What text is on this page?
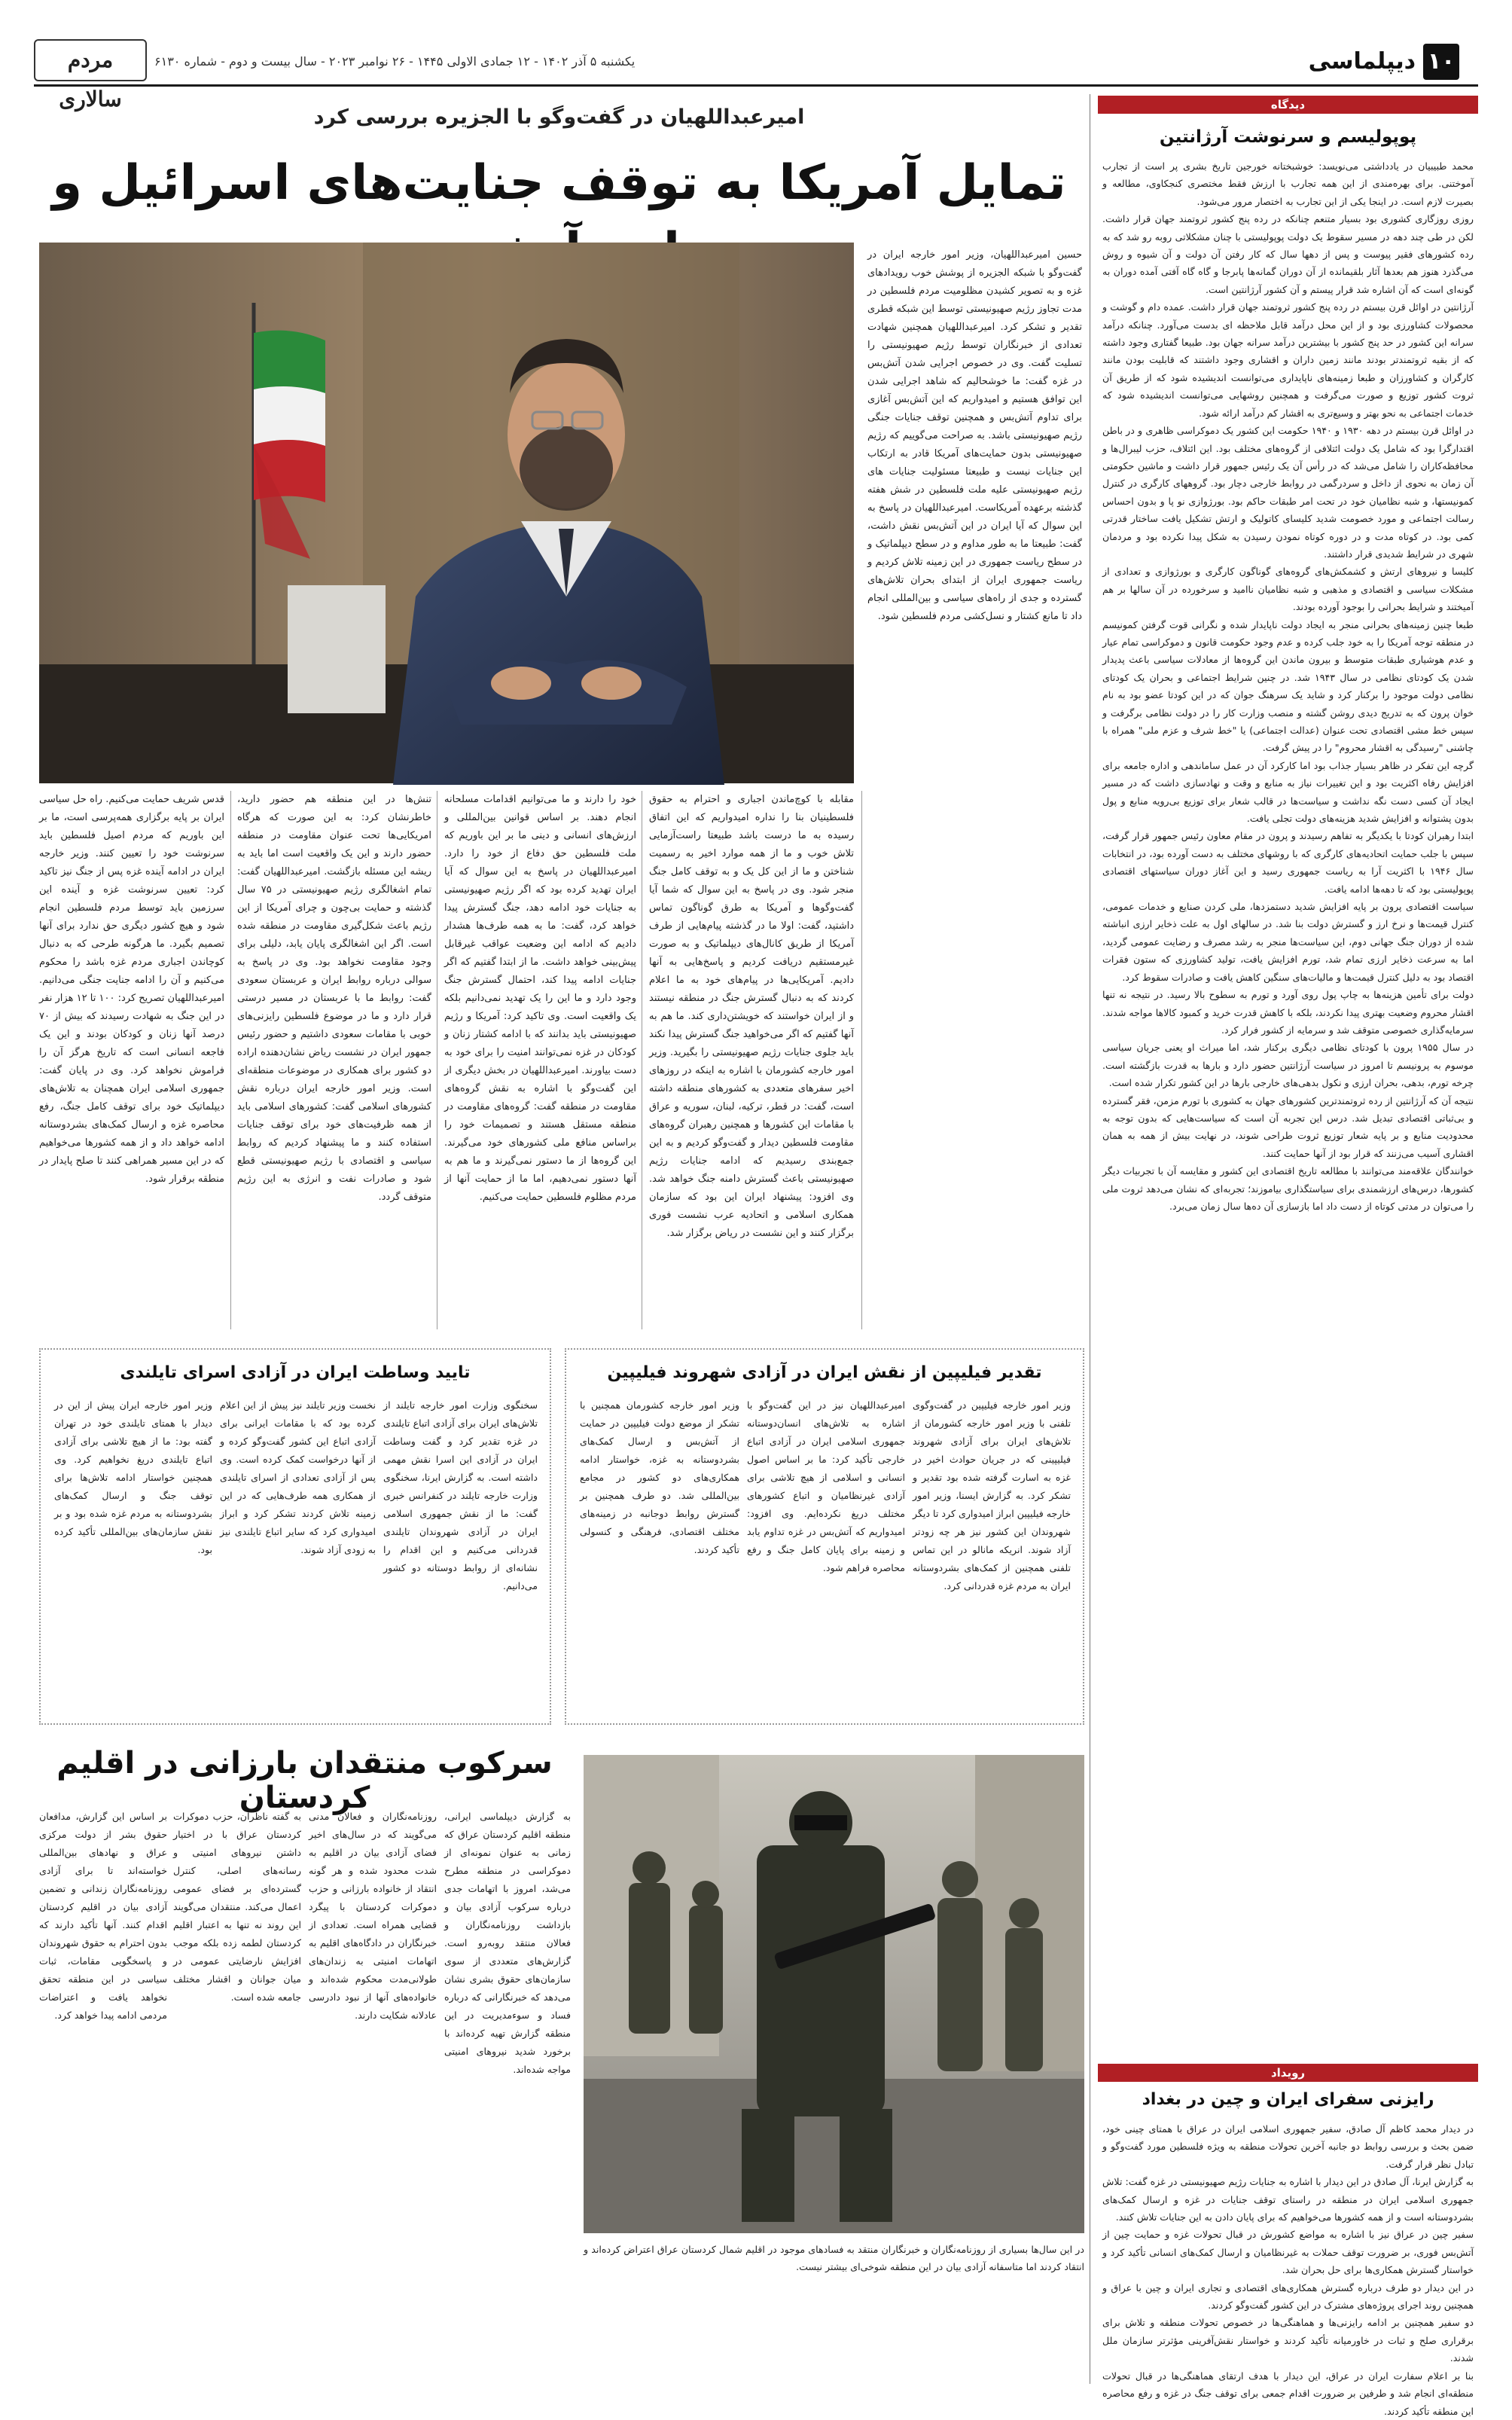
۱۰
دیپلماسی
یکشنبه ۵ آذر ۱۴۰۲ - ۱۲ جمادی الاولی ۱۴۴۵ - ۲۶ نوامبر ۲۰۲۳ - سال بیست و دوم - شماره ۶۱۳۰
مردم سالاری	دیدگاه
پوپولیسم و سرنوشت آرژانتین

محمد طبیبیان در یادداشتی می‌نویسد: خوشبختانه خورجین تاریخ بشری پر است از تجارب آموختنی. برای بهره‌مندی از این همه تجارب با ارزش فقط مختصری کنجکاوی، مطالعه و بصیرت لازم است. در اینجا یکی از این تجارب به اختصار مرور می‌شود.

روزی روزگاری کشوری بود بسیار متنعم چنانکه در رده پنج کشور ثروتمند جهان قرار داشت. لکن در طی چند دهه در مسیر سقوط یک دولت پوپولیستی با چنان مشکلاتی روبه رو شد که به رده کشورهای فقیر پیوست و پس از دهها سال که کار رفتن آن دولت و آن شیوه و روش می‌گذرد هنوز هم بعدها آثار بلقیمانده از آن دوران گمانه‌ها پابرجا و گاه گاه آفتی آمده دوران به گونه‌ای است که آن اشاره شد قرار پیستم و آن کشور آرژانتین است.

آرژانتین در اوائل قرن بیستم در رده پنج کشور ثروتمند جهان قرار داشت. عمده دام و گوشت و محصولات کشاورزی بود و از این محل درآمد قابل ملاحظه ای بدست می‌آورد. چنانکه درآمد سرانه این کشور در حد پنج کشور با بیشترین درآمد سرانه جهان بود. طبیعا گفتاری وجود داشته که از بقیه ثروتمندتر بودند مانند زمین داران و اقشاری وجود داشتند که قابلیت بودن مانند کارگران و کشاورزان و طبعا زمینه‌های ناپایداری می‌توانست اندیشیده شود که از طریق آن ثروت کشور توزیع و صورت می‌گرفت و همچنین روشهایی می‌توانست اندیشیده شود که خدمات اجتماعی به نحو بهتر و وسیع‌تری به اقشار کم درآمد ارائه شود.

در اوائل قرن بیستم در دهه ۱۹۳۰ و ۱۹۴۰ حکومت این کشور یک دموکراسی ظاهری و در باطن اقتدارگرا بود که شامل یک دولت ائتلافی از گروه‌های مختلف بود. این ائتلاف، حزب لیبرال‌ها و محافظه‌کاران را شامل می‌شد که در رأس آن یک رئیس جمهور قرار داشت و ماشین حکومتی آن زمان به نحوی از داخل و سردرگمی در روابط خارجی دچار بود. گروههای کارگری در کنترل کمونیستها، و شبه نظامیان خود در تحت امر طبقات حاکم بود. بورژوازی نو پا و بدون احساس رسالت اجتماعی و مورد خصومت شدید کلیسای کاتولیک و ارتش تشکیل یافت ساختار قدرتی کمی بود. در کوتاه مدت و در دوره کوتاه نمودن رسیدن به شکل پیدا نکرده بود و مردمان شهری در شرایط شدیدی قرار داشتند.

کلیسا و نیروهای ارتش و کشمکش‌های گروه‌های گوناگون کارگری و بورژوازی و تعدادی از مشکلات سیاسی و اقتصادی و مذهبی و شبه نظامیان ناامید و سرخورده در آن سالها بر هم آمیختند و شرایط بحرانی را بوجود آورده بودند.

طبعا چنین زمینه‌های بحرانی منجر به ایجاد دولت ناپایدار شده و نگرانی قوت گرفتن کمونیسم در منطقه توجه آمریکا را به خود جلب کرده و عدم وجود حکومت قانون و دموکراسی تمام عیار و عدم هوشیاری طبقات متوسط و بیرون ماندن این گروه‌ها از معادلات سیاسی باعث پدیدار شدن یک کودتای نظامی در سال ۱۹۴۳ شد. در چنین شرایط اجتماعی و بحران یک کودتای نظامی دولت موجود را برکنار کرد و شاید یک سرهنگ جوان که در این کودتا عضو بود به نام خوان پرون که به تدریج دیدی روشن گشته و منصب وزارت کار را در دولت نظامی برگرفت و سپس خط مشی اقتصادی تحت عنوان (عدالت اجتماعی) یا "خط شرف و عزم ملی" همراه با چاشنی "رسیدگی به اقشار محروم" را در پیش گرفت.

گرچه این تفکر در ظاهر بسیار جذاب بود اما کارکرد آن در عمل ساماندهی و اداره جامعه برای افزایش رفاه اکثریت بود و این تغییرات نیاز به منابع و وقت و نهادسازی داشت که در مسیر ایجاد آن کسی دست نگه نداشت و سیاست‌ها در قالب شعار برای توزیع بی‌رویه منابع و پول بدون پشتوانه و افزایش شدید هزینه‌های دولت تجلی یافت.

ابتدا رهبران کودتا با یکدیگر به تفاهم رسیدند و پرون در مقام معاون رئیس جمهور قرار گرفت، سپس با جلب حمایت اتحادیه‌های کارگری که با روشهای مختلف به دست آورده بود، در انتخابات سال ۱۹۴۶ با اکثریت آرا به ریاست جمهوری رسید و این آغاز دوران سیاستهای اقتصادی پوپولیستی بود که تا دهه‌ها ادامه یافت.

سیاست اقتصادی پرون بر پایه افزایش شدید دستمزدها، ملی کردن صنایع و خدمات عمومی، کنترل قیمت‌ها و نرخ ارز و گسترش دولت بنا شد. در سالهای اول به علت ذخایر ارزی انباشته شده از دوران جنگ جهانی دوم، این سیاست‌ها منجر به رشد مصرف و رضایت عمومی گردید، اما به سرعت ذخایر ارزی تمام شد، تورم افزایش یافت، تولید کشاورزی که ستون فقرات اقتصاد بود به دلیل کنترل قیمت‌ها و مالیات‌های سنگین کاهش یافت و صادرات سقوط کرد.

دولت برای تأمین هزینه‌ها به چاپ پول روی آورد و تورم به سطوح بالا رسید. در نتیجه نه تنها اقشار محروم وضعیت بهتری پیدا نکردند، بلکه با کاهش قدرت خرید و کمبود کالاها مواجه شدند. سرمایه‌گذاری خصوصی متوقف شد و سرمایه از کشور فرار کرد.

در سال ۱۹۵۵ پرون با کودتای نظامی دیگری برکنار شد، اما میراث او یعنی جریان سیاسی موسوم به پرونیسم تا امروز در سیاست آرژانتین حضور دارد و بارها به قدرت بازگشته است. چرخه تورم، بدهی، بحران ارزی و نکول بدهی‌های خارجی بارها در این کشور تکرار شده است.

نتیجه آن که آرژانتین از رده ثروتمندترین کشورهای جهان به کشوری با تورم مزمن، فقر گسترده و بی‌ثباتی اقتصادی تبدیل شد. درس این تجربه آن است که سیاست‌هایی که بدون توجه به محدودیت منابع و بر پایه شعار توزیع ثروت طراحی شوند، در نهایت بیش از همه به همان اقشاری آسیب می‌زنند که قرار بود از آنها حمایت کنند.

خوانندگان علاقه‌مند می‌توانند با مطالعه تاریخ اقتصادی این کشور و مقایسه آن با تجربیات دیگر کشورها، درس‌های ارزشمندی برای سیاستگذاری بیاموزند؛ تجربه‌ای که نشان می‌دهد ثروت ملی را می‌توان در مدتی کوتاه از دست داد اما بازسازی آن ده‌ها سال زمان می‌برد.

رویداد
رایزنی سفرای ایران و چین در بغداد

در دیدار محمد کاظم آل صادق، سفیر جمهوری اسلامی ایران در عراق با همتای چینی خود، ضمن بحث و بررسی روابط دو جانبه آخرین تحولات منطقه به ویژه فلسطین مورد گفت‌وگو و تبادل نظر قرار گرفت.

به گزارش ایرنا، آل صادق در این دیدار با اشاره به جنایات رژیم صهیونیستی در غزه گفت: تلاش جمهوری اسلامی ایران در منطقه در راستای توقف جنایات در غزه و ارسال کمک‌های بشردوستانه است و از همه کشورها می‌خواهیم که برای پایان دادن به این جنایات تلاش کنند.

سفیر چین در عراق نیز با اشاره به مواضع کشورش در قبال تحولات غزه و حمایت چین از آتش‌بس فوری، بر ضرورت توقف حملات به غیرنظامیان و ارسال کمک‌های انسانی تأکید کرد و خواستار گسترش همکاری‌ها برای حل بحران شد.

در این دیدار دو طرف درباره گسترش همکاری‌های اقتصادی و تجاری ایران و چین با عراق و همچنین روند اجرای پروژه‌های مشترک در این کشور گفت‌وگو کردند.

دو سفیر همچنین بر ادامه رایزنی‌ها و هماهنگی‌ها در خصوص تحولات منطقه و تلاش برای برقراری صلح و ثبات در خاورمیانه تأکید کردند و خواستار نقش‌آفرینی مؤثرتر سازمان ملل شدند.

بنا بر اعلام سفارت ایران در عراق، این دیدار با هدف ارتقای هماهنگی‌ها در قبال تحولات منطقه‌ای انجام شد و طرفین بر ضرورت اقدام جمعی برای توقف جنگ در غزه و رفع محاصره این منطقه تأکید کردند.

امیرعبداللهیان در گفت‌وگو با الجزیره بررسی کرد
تمایل آمریکا به توقف جنایت‌های اسرائیل و

حسین امیرعبداللهیان، وزیر امور خارجه ایران در گفت‌وگو با شبکه الجزیره از پوشش خوب رویدادهای غزه و به تصویر کشیدن مظلومیت مردم فلسطین در مدت تجاوز رژیم صهیونیستی توسط این شبکه قطری تقدیر و تشکر کرد. امیرعبداللهیان همچنین شهادت تعدادی از خبرنگاران توسط رژیم صهیونیستی را تسلیت گفت. وی در خصوص اجرایی شدن آتش‌بس در غزه گفت: ما خوشحالیم که شاهد اجرایی شدن این توافق هستیم و امیدواریم که این آتش‌بس آغازی برای تداوم آتش‌بس و همچنین توقف جنایات جنگی رژیم صهیونیستی باشد. به صراحت می‌گوییم که رژیم صهیونیستی بدون حمایت‌های آمریکا قادر به ارتکاب این جنایات نیست و طبیعتا مسئولیت جنایات های رژیم صهیونیستی علیه ملت فلسطین در شش هفته گذشته برعهده آمریکاست. امیرعبداللهیان در پاسخ به این سوال که آیا ایران در این آتش‌بس نقش داشت، گفت: طبیعتا ما به طور مداوم و در سطح دیپلماتیک و در سطح ریاست جمهوری در این زمینه تلاش کردیم و ریاست جمهوری ایران از ابتدای بحران تلاش‌های گسترده و جدی از راه‌های سیاسی و بین‌المللی انجام داد تا مانع کشتار و نسل‌کشی مردم فلسطین شود.

مقابله با کوچ‌ماندن اجباری و احترام به حقوق فلسطینیان بنا را نداره امیدواریم که این اتفاق رسیده به ما درست باشد طبیعتا راست‌آزمایی تلاش خوب و ما از همه موارد اخیر به رسمیت شناختن و ما از این کل یک و به توقف کامل جنگ منجر شود. وی در پاسخ به این سوال که شما آیا گفت‌وگوها و آمریکا به طرق گوناگون تماس داشتید، گفت: اولا ما در گذشته پیام‌هایی از طرف آمریکا از طریق کانال‌های دیپلماتیک و به صورت غیرمستقیم دریافت کردیم و پاسخ‌هایی به آنها دادیم. آمریکایی‌ها در پیام‌های خود به ما اعلام کردند که به دنبال گسترش جنگ در منطقه نیستند و از ایران خواستند که خویشتن‌داری کند. ما هم به آنها گفتیم که اگر می‌خواهید جنگ گسترش پیدا نکند باید جلوی جنایات رژیم صهیونیستی را بگیرید. وزیر امور خارجه کشورمان با اشاره به اینکه در روزهای اخیر سفرهای متعددی به کشورهای منطقه داشته است، گفت: در قطر، ترکیه، لبنان، سوریه و عراق با مقامات این کشورها و همچنین رهبران گروه‌های مقاومت فلسطین دیدار و گفت‌وگو کردیم و به این جمع‌بندی رسیدیم که ادامه جنایات رژیم صهیونیستی باعث گسترش دامنه جنگ خواهد شد. وی افزود: پیشنهاد ایران این بود که سازمان همکاری اسلامی و اتحادیه عرب نشست فوری برگزار کنند و این نشست در ریاض برگزار شد.

خود را دارند و ما می‌توانیم اقدامات مسلحانه انجام دهند. بر اساس قوانین بین‌المللی و ارزش‌های انسانی و دینی ما بر این باوریم که ملت فلسطین حق دفاع از خود را دارد. امیرعبداللهیان در پاسخ به این سوال که آیا ایران تهدید کرده بود که اگر رژیم صهیونیستی به جنایات خود ادامه دهد، جنگ گسترش پیدا خواهد کرد، گفت: ما به همه طرف‌ها هشدار دادیم که ادامه این وضعیت عواقب غیرقابل پیش‌بینی خواهد داشت. ما از ابتدا گفتیم که اگر جنایات ادامه پیدا کند، احتمال گسترش جنگ وجود دارد و ما این را یک تهدید نمی‌دانیم بلکه یک واقعیت است. وی تاکید کرد: آمریکا و رژیم صهیونیستی باید بدانند که با ادامه کشتار زنان و کودکان در غزه نمی‌توانند امنیت را برای خود به دست بیاورند. امیرعبداللهیان در بخش دیگری از این گفت‌وگو با اشاره به نقش گروه‌های مقاومت در منطقه گفت: گروه‌های مقاومت در منطقه مستقل هستند و تصمیمات خود را براساس منافع ملی کشورهای خود می‌گیرند. این گروه‌ها از ما دستور نمی‌گیرند و ما هم به آنها دستور نمی‌دهیم، اما ما از حمایت آنها از مردم مظلوم فلسطین حمایت می‌کنیم.

تنش‌ها در این منطقه هم حضور دارید، خاطرنشان کرد: به این صورت که هرگاه امریکایی‌ها تحت عنوان مقاومت در منطقه حضور دارند و این یک واقعیت است اما باید به ریشه این مسئله بازگشت. امیرعبداللهیان گفت: تمام اشغالگری رژیم صهیونیستی در ۷۵ سال گذشته و حمایت بی‌چون و چرای آمریکا از این رژیم باعث شکل‌گیری مقاومت در منطقه شده است. اگر این اشغالگری پایان یابد، دلیلی برای وجود مقاومت نخواهد بود. وی در پاسخ به سوالی درباره روابط ایران و عربستان سعودی گفت: روابط ما با عربستان در مسیر درستی قرار دارد و ما در موضوع فلسطین رایزنی‌های خوبی با مقامات سعودی داشتیم و حضور رئیس جمهور ایران در نشست ریاض نشان‌دهنده اراده دو کشور برای همکاری در موضوعات منطقه‌ای است. وزیر امور خارجه ایران درباره نقش کشورهای اسلامی گفت: کشورهای اسلامی باید از همه ظرفیت‌های خود برای توقف جنایات استفاده کنند و ما پیشنهاد کردیم که روابط سیاسی و اقتصادی با رژیم صهیونیستی قطع شود و صادرات نفت و انرژی به این رژیم متوقف گردد.

قدس شریف حمایت می‌کنیم. راه حل سیاسی ایران بر پایه برگزاری همه‌پرسی است، ما بر این باوریم که مردم اصیل فلسطین باید سرنوشت خود را تعیین کنند. وزیر خارجه ایران در ادامه آینده غزه پس از جنگ نیز تاکید کرد: تعیین سرنوشت غزه و آینده این سرزمین باید توسط مردم فلسطین انجام شود و هیچ کشور دیگری حق ندارد برای آنها تصمیم بگیرد. ما هرگونه طرحی که به دنبال کوچاندن اجباری مردم غزه باشد را محکوم می‌کنیم و آن را ادامه جنایت جنگی می‌دانیم. امیرعبداللهیان تصریح کرد: ۱۰۰ تا ۱۲ هزار نفر در این جنگ به شهادت رسیدند که بیش از ۷۰ درصد آنها زنان و کودکان بودند و این یک فاجعه انسانی است که تاریخ هرگز آن را فراموش نخواهد کرد. وی در پایان گفت: جمهوری اسلامی ایران همچنان به تلاش‌های دیپلماتیک خود برای توقف کامل جنگ، رفع محاصره غزه و ارسال کمک‌های بشردوستانه ادامه خواهد داد و از همه کشورها می‌خواهیم که در این مسیر همراهی کنند تا صلح پایدار در منطقه برقرار شود.

تقدیر فیلیپین از نقش ایران در آزادی شهروند فیلیپین

وزیر امور خارجه فیلیپین در گفت‌وگوی تلفنی با وزیر امور خارجه کشورمان از تلاش‌های ایران برای آزادی شهروند فیلیپینی که در جریان حوادث اخیر در غزه به اسارت گرفته شده بود تقدیر و تشکر کرد. به گزارش ایسنا، وزیر امور خارجه فیلیپین ابراز امیدواری کرد تا دیگر شهروندان این کشور نیز هر چه زودتر آزاد شوند. انریکه مانالو در این تماس تلفنی همچنین از کمک‌های بشردوستانه ایران به مردم غزه قدردانی کرد.

امیرعبداللهیان نیز در این گفت‌وگو با اشاره به تلاش‌های انسان‌دوستانه جمهوری اسلامی ایران در آزادی اتباع خارجی تأکید کرد: ما بر اساس اصول انسانی و اسلامی از هیچ تلاشی برای آزادی غیرنظامیان و اتباع کشورهای مختلف دریغ نکرده‌ایم. وی افزود: امیدواریم که آتش‌بس در غزه تداوم یابد و زمینه برای پایان کامل جنگ و رفع محاصره فراهم شود.

وزیر امور خارجه کشورمان همچنین با تشکر از موضع دولت فیلیپین در حمایت از آتش‌بس و ارسال کمک‌های بشردوستانه به غزه، خواستار ادامه همکاری‌های دو کشور در مجامع بین‌المللی شد. دو طرف همچنین بر گسترش روابط دوجانبه در زمینه‌های مختلف اقتصادی، فرهنگی و کنسولی تأکید کردند.

تایید وساطت ایران در آزادی اسرای تایلندی

سخنگوی وزارت امور خارجه تایلند از تلاش‌های ایران برای آزادی اتباع تایلندی در غزه تقدیر کرد و گفت وساطت ایران در آزادی این اسرا نقش مهمی داشته است. به گزارش ایرنا، سخنگوی وزارت خارجه تایلند در کنفرانس خبری گفت: ما از نقش جمهوری اسلامی ایران در آزادی شهروندان تایلندی قدردانی می‌کنیم و این اقدام را نشانه‌ای از روابط دوستانه دو کشور می‌دانیم.

نخست وزیر تایلند نیز پیش از این اعلام کرده بود که با مقامات ایرانی برای آزادی اتباع این کشور گفت‌وگو کرده و از آنها درخواست کمک کرده است. وی پس از آزادی تعدادی از اسرای تایلندی از همکاری همه طرف‌هایی که در این زمینه تلاش کردند تشکر کرد و ابراز امیدواری کرد که سایر اتباع تایلندی نیز به زودی آزاد شوند.

وزیر امور خارجه ایران پیش از این در دیدار با همتای تایلندی خود در تهران گفته بود: ما از هیچ تلاشی برای آزادی اتباع تایلندی دریغ نخواهیم کرد. وی همچنین خواستار ادامه تلاش‌ها برای توقف جنگ و ارسال کمک‌های بشردوستانه به مردم غزه شده بود و بر نقش سازمان‌های بین‌المللی تأکید کرده بود.

در این سال‌ها بسیاری از روزنامه‌نگاران و خبرنگاران منتقد به فسادهای موجود در اقلیم شمال کردستان عراق اعتراض کرده‌اند و انتقاد کردند اما متاسفانه آزادی بیان در این منطقه شوخی‌ای بیشتر نیست.
سرکوب منتقدان بارزانی در اقلیم کردستان

به گزارش دیپلماسی ایرانی، منطقه اقلیم کردستان عراق که زمانی به عنوان نمونه‌ای از دموکراسی در منطقه مطرح می‌شد، امروز با اتهامات جدی درباره سرکوب آزادی بیان و بازداشت روزنامه‌نگاران و فعالان منتقد روبه‌رو است. گزارش‌های متعددی از سوی سازمان‌های حقوق بشری نشان می‌دهد که خبرنگارانی که درباره فساد و سوءمدیریت در این منطقه گزارش تهیه کرده‌اند با برخورد شدید نیروهای امنیتی مواجه شده‌اند.

روزنامه‌نگاران و فعالان مدنی می‌گویند که در سال‌های اخیر فضای آزادی بیان در اقلیم به شدت محدود شده و هر گونه انتقاد از خانواده بارزانی و حزب دموکرات کردستان با پیگرد قضایی همراه است. تعدادی از خبرنگاران در دادگاه‌های اقلیم به اتهامات امنیتی به زندان‌های طولانی‌مدت محکوم شده‌اند و خانواده‌های آنها از نبود دادرسی عادلانه شکایت دارند.

به گفته ناظران، حزب دموکرات کردستان عراق با در اختیار داشتن نیروهای امنیتی و رسانه‌های اصلی، کنترل گسترده‌ای بر فضای عمومی اعمال می‌کند. منتقدان می‌گویند این روند نه تنها به اعتبار اقلیم کردستان لطمه زده بلکه موجب افزایش نارضایتی عمومی در میان جوانان و اقشار مختلف جامعه شده است.

بر اساس این گزارش، مدافعان حقوق بشر از دولت مرکزی عراق و نهادهای بین‌المللی خواسته‌اند تا برای آزادی روزنامه‌نگاران زندانی و تضمین آزادی بیان در اقلیم کردستان اقدام کنند. آنها تأکید دارند که بدون احترام به حقوق شهروندان و پاسخگویی مقامات، ثبات سیاسی در این منطقه تحقق نخواهد یافت و اعتراضات مردمی ادامه پیدا خواهد کرد.
